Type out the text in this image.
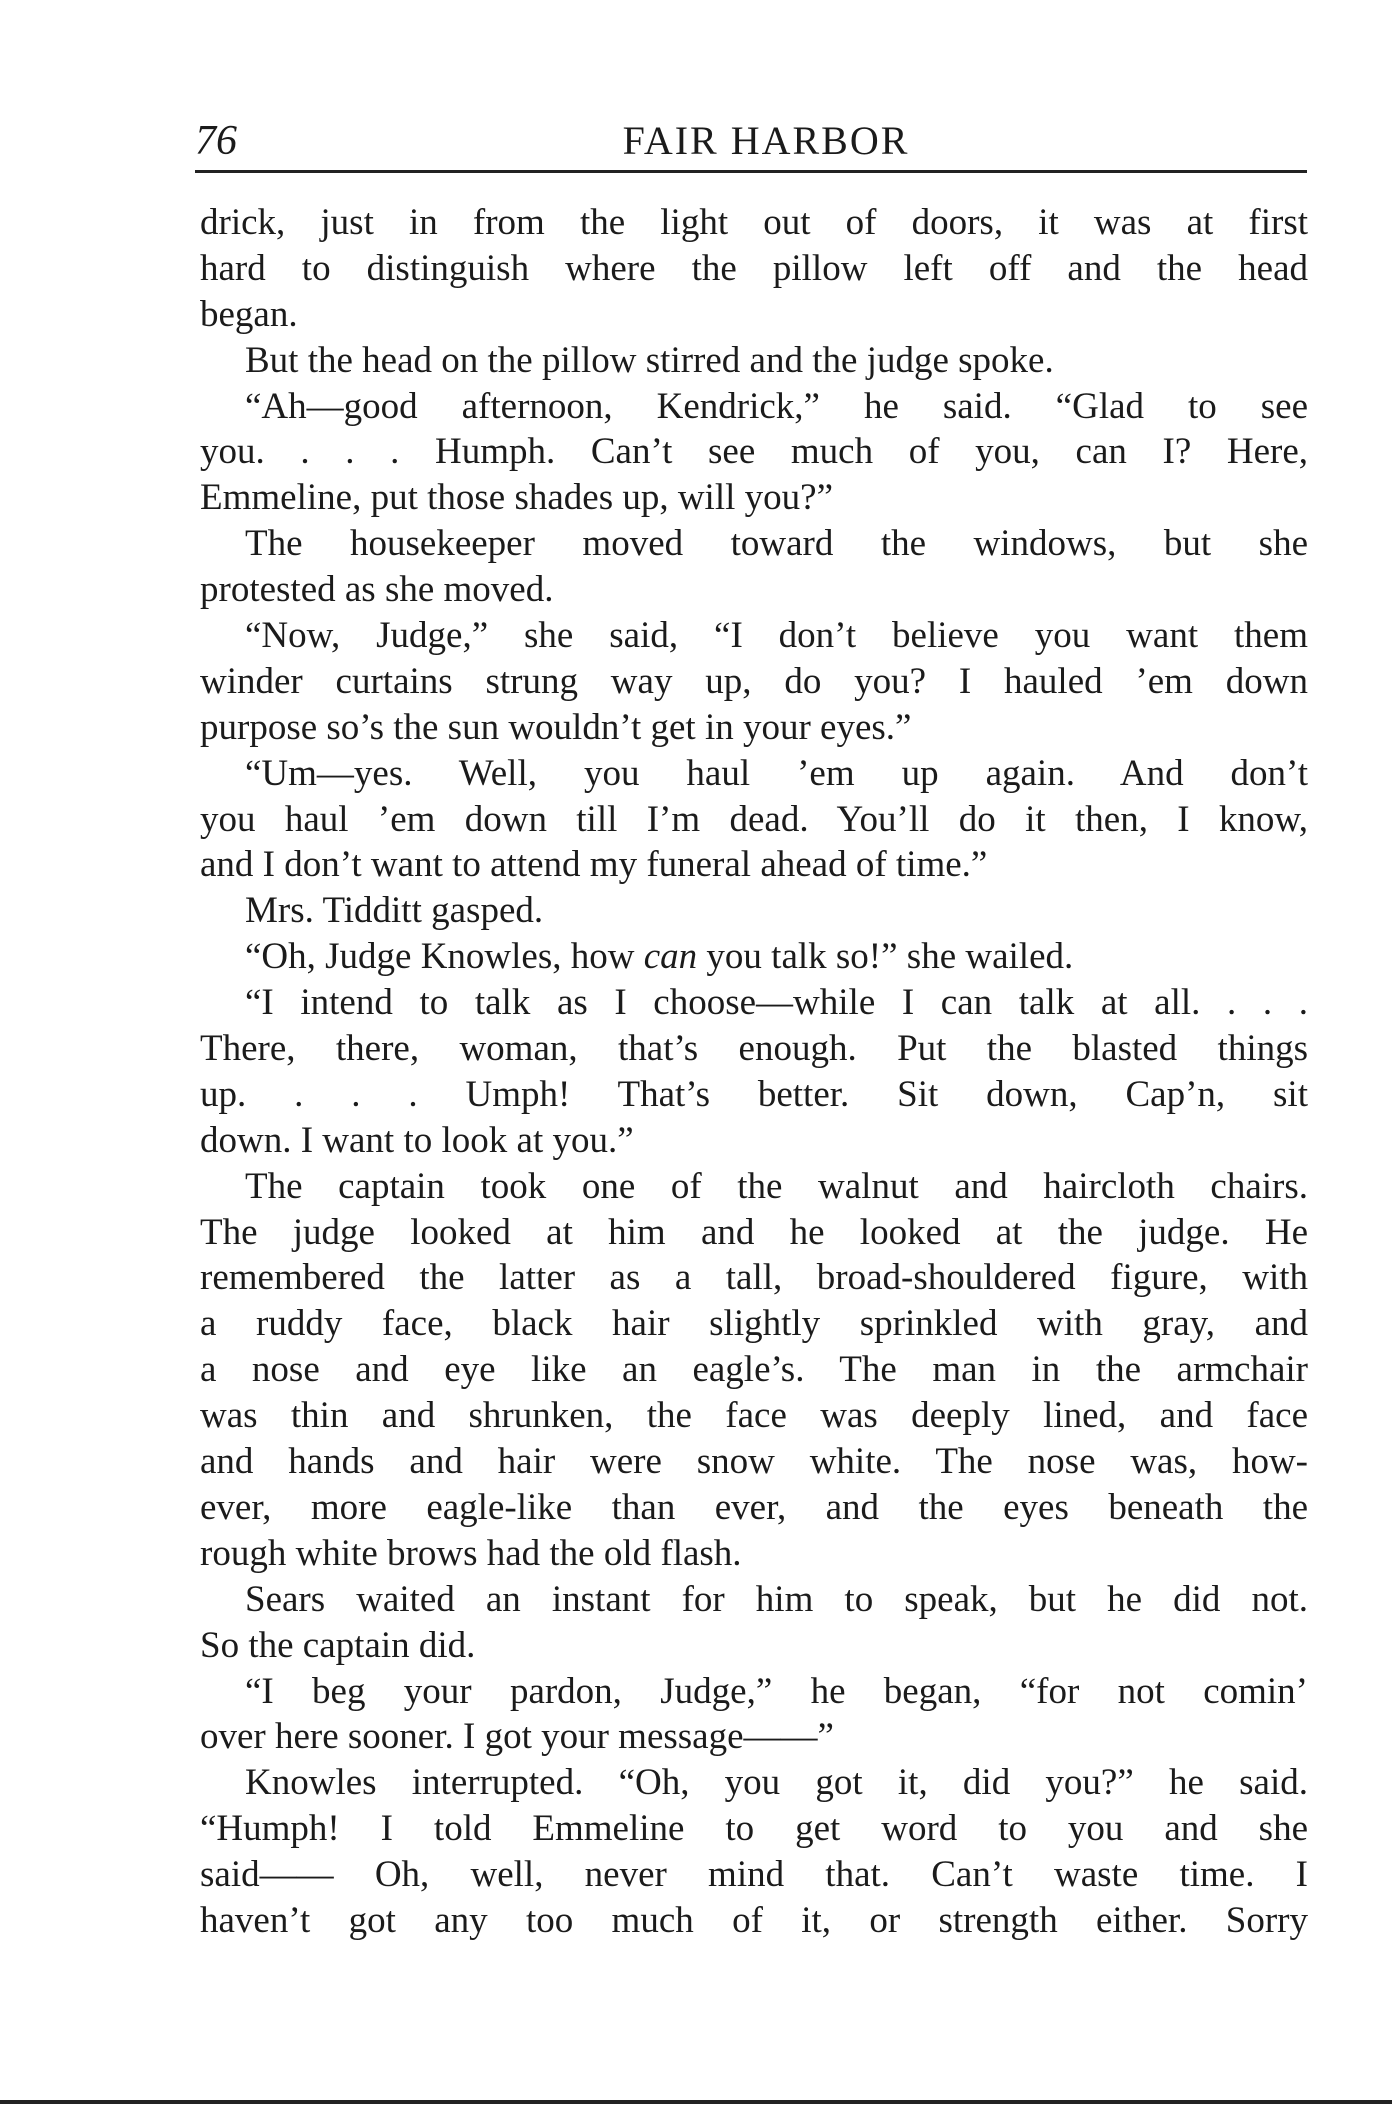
76	FAIR HARBOR
drick, just in from the light out of doors, it was at first
hard to distinguish where the pillow left off and the head
began.
But the head on the pillow stirred and the judge spoke.
“Ah—good afternoon, Kendrick,” he said. “Glad to see
you. . . . Humph. Can’t see much of you, can I? Here,
Emmeline, put those shades up, will you?”
The housekeeper moved toward the windows, but she
protested as she moved.
“Now, Judge,” she said, “I don’t believe you want them
winder curtains strung way up, do you? I hauled ’em down
purpose so’s the sun wouldn’t get in your eyes.”
“Um—yes. Well, you haul ’em up again. And don’t
you haul ’em down till I’m dead. You’ll do it then, I know,
and I don’t want to attend my funeral ahead of time.”
Mrs. Tidditt gasped.
“Oh, Judge Knowles, how can you talk so!” she wailed.
“I intend to talk as I choose—while I can talk at all. . . .
There, there, woman, that’s enough. Put the blasted things
up. . . . Umph! That’s better. Sit down, Cap’n, sit
down. I want to look at you.”
The captain took one of the walnut and haircloth chairs.
The judge looked at him and he looked at the judge. He
remembered the latter as a tall, broad-shouldered figure, with
a ruddy face, black hair slightly sprinkled with gray, and
a nose and eye like an eagle’s. The man in the armchair
was thin and shrunken, the face was deeply lined, and face
and hands and hair were snow white. The nose was, how-
ever, more eagle-like than ever, and the eyes beneath the
rough white brows had the old flash.
Sears waited an instant for him to speak, but he did not.
So the captain did.
“I beg your pardon, Judge,” he began, “for not comin’
over here sooner. I got your message——”
Knowles interrupted. “Oh, you got it, did you?” he said.
“Humph! I told Emmeline to get word to you and she
said—— Oh, well, never mind that. Can’t waste time. I
haven’t got any too much of it, or strength either. Sorry
